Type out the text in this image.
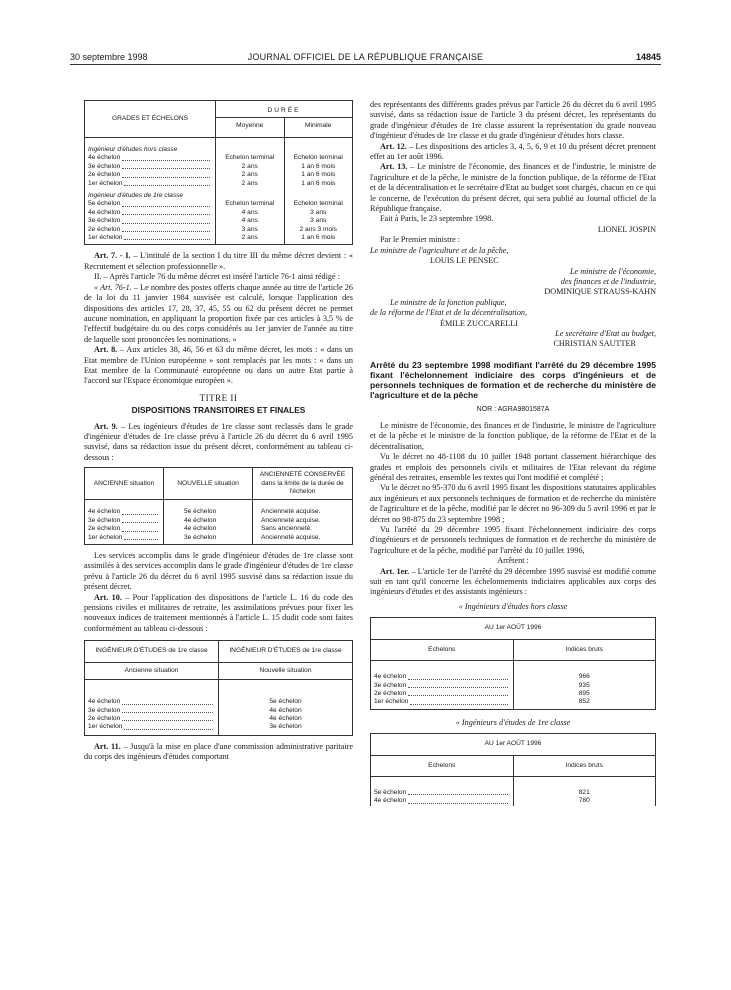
30 septembre 1998	JOURNAL OFFICIEL DE LA RÉPUBLIQUE FRANÇAISE	14845
GRADES ET ÉCHELONS	DURÉE	
	Moyenne	Minimale
Ingénieur d'études hors classe		

4e échelon	Echelon terminal	Echelon terminal

3e échelon	2 ans	1 an 6 mois

2e échelon	2 ans	1 an 6 mois

1er échelon	2 ans	1 an 6 mois
Ingénieur d'études de 1re classe		

5e échelon	Echelon terminal	Echelon terminal

4e échelon	4 ans	3 ans

3e échelon	4 ans	3 ans

2e échelon	3 ans	2 ans 3 mois

1er échelon	2 ans	1 an 6 mois

Art. 7. - I. – L'intitulé de la section I du titre III du même décret devient : « Recrutement et sélection professionnelle ».

II. – Après l'article 76 du même décret est inséré l'article 76-1 ainsi rédigé :

« Art. 76-1. – Le nombre des postes offerts chaque année au titre de l'article 26 de la loi du 11 janvier 1984 susvisée est calculé, lorsque l'application des dispositions des articles 17, 28, 37, 45, 55 ou 62 du présent décret ne permet aucune nomination, en appliquant la proportion fixée par ces articles à 3,5 % de l'effectif budgétaire du ou des corps considérés au 1er janvier de l'année au titre de laquelle sont prononcées les nominations. »

Art. 8. – Aux articles 38, 46, 56 et 63 du même décret, les mots : « dans un Etat membre de l'Union européenne » sont remplacés par les mots : « dans un Etat membre de la Communauté européenne ou dans un autre Etat partie à l'accord sur l'Espace économique européen ».

TITRE II
DISPOSITIONS TRANSITOIRES ET FINALES

Art. 9. – Les ingénieurs d'études de 1re classe sont reclassés dans le grade d'ingénieur d'études de 1re classe prévu à l'article 26 du décret du 6 avril 1995 susvisé, dans sa rédaction issue du présent décret, conformément au tableau ci-dessous :

ANCIENNE situation	NOUVELLE situation	ANCIENNETÉ CONSERVÉE dans la limite de la durée de l'échelon

4e échelon	5e échelon	Ancienneté acquise.

3e échelon	4e échelon	Ancienneté acquise.

2e échelon	4e échelon	Sans ancienneté.

1er échelon	3e échelon	Ancienneté acquise.

Les services accomplis dans le grade d'ingénieur d'études de 1re classe sont assimilés à des services accomplis dans le grade d'ingénieur d'études de 1re classe prévu à l'article 26 du décret du 6 avril 1995 susvisé dans sa rédaction issue du présent décret.

Art. 10. – Pour l'application des dispositions de l'article L. 16 du code des pensions civiles et militaires de retraite, les assimilations prévues pour fixer les nouveaux indices de traitement mentionnés à l'article L. 15 dudit code sont faites conformément au tableau ci-dessous :

INGÉNIEUR D'ÉTUDES de 1re classe	INGÉNIEUR D'ÉTUDES de 1re classe
Ancienne situation	Nouvelle situation

4e échelon	5e échelon

3e échelon	4e échelon

2e échelon	4e échelon

1er échelon	3e échelon

Art. 11. – Jusqu'à la mise en place d'une commission administrative paritaire du corps des ingénieurs d'études comportant

des représentants des différents grades prévus par l'article 26 du décret du 6 avril 1995 susvisé, dans sa rédaction issue de l'article 3 du présent décret, les représentants du grade d'ingénieur d'études de 1re classe assurent la représentation du grade nouveau d'ingénieur d'études de 1re classe et du grade d'ingénieur d'études hors classe.

Art. 12. – Les dispositions des articles 3, 4, 5, 6, 9 et 10 du présent décret prennent effet au 1er août 1996.

Art. 13. – Le ministre de l'économie, des finances et de l'industrie, le ministre de l'agriculture et de la pêche, le ministre de la fonction publique, de la réforme de l'Etat et de la décentralisation et le secrétaire d'Etat au budget sont chargés, chacun en ce qui le concerne, de l'exécution du présent décret, qui sera publié au Journal officiel de la République française.

Fait à Paris, le 23 septembre 1998.

LIONEL JOSPIN
Par le Premier ministre :
Le ministre de l'agriculture et de la pêche,
LOUIS LE PENSEC
Le ministre de l'économie,
des finances et de l'industrie,
DOMINIQUE STRAUSS-KAHN
Le ministre de la fonction publique,
de la réforme de l'Etat et de la décentralisation,
ÉMILE ZUCCARELLI
Le secrétaire d'Etat au budget,
CHRISTIAN SAUTTER
Arrêté du 23 septembre 1998 modifiant l'arrêté du 29 décembre 1995 fixant l'échelonnement indiciaire des corps d'ingénieurs et de personnels techniques de formation et de recherche du ministère de l'agriculture et de la pêche
NOR : AGRA9801587A

Le ministre de l'économie, des finances et de l'industrie, le ministre de l'agriculture et de la pêche et le ministre de la fonction publique, de la réforme de l'Etat et de la décentralisation,

Vu le décret no 48-1108 du 10 juillet 1948 portant classement hiérarchique des grades et emplois des personnels civils et militaires de l'Etat relevant du régime général des retraites, ensemble les textes qui l'ont modifié et complété ;

Vu le décret no 95-370 du 6 avril 1995 fixant les dispositions statutaires applicables aux ingénieurs et aux personnels techniques de formation et de recherche du ministère de l'agriculture et de la pêche, modifié par le décret no 96-309 du 5 avril 1996 et par le décret no 98-875 du 23 septembre 1998 ;

Vu l'arrêté du 29 décembre 1995 fixant l'échelonnement indiciaire des corps d'ingénieurs et de personnels techniques de formation et de recherche du ministère de l'agriculture et de la pêche, modifié par l'arrêté du 10 juillet 1996,

Arrêtent :

Art. 1er. – L'article 1er de l'arrêté du 29 décembre 1995 susvisé est modifié comme suit en tant qu'il concerne les échelonnements indiciaires applicables aux corps des ingénieurs d'études et des assistants ingénieurs :

« Ingénieurs d'études hors classe
AU 1er AOÛT 1996	
Echelons	Indices bruts

4e échelon	966

3e échelon	935

2e échelon	895

1er échelon	852
« Ingénieurs d'études de 1re classe
AU 1er AOÛT 1996	
Echelons	Indices bruts

5e échelon	821

4e échelon	780
